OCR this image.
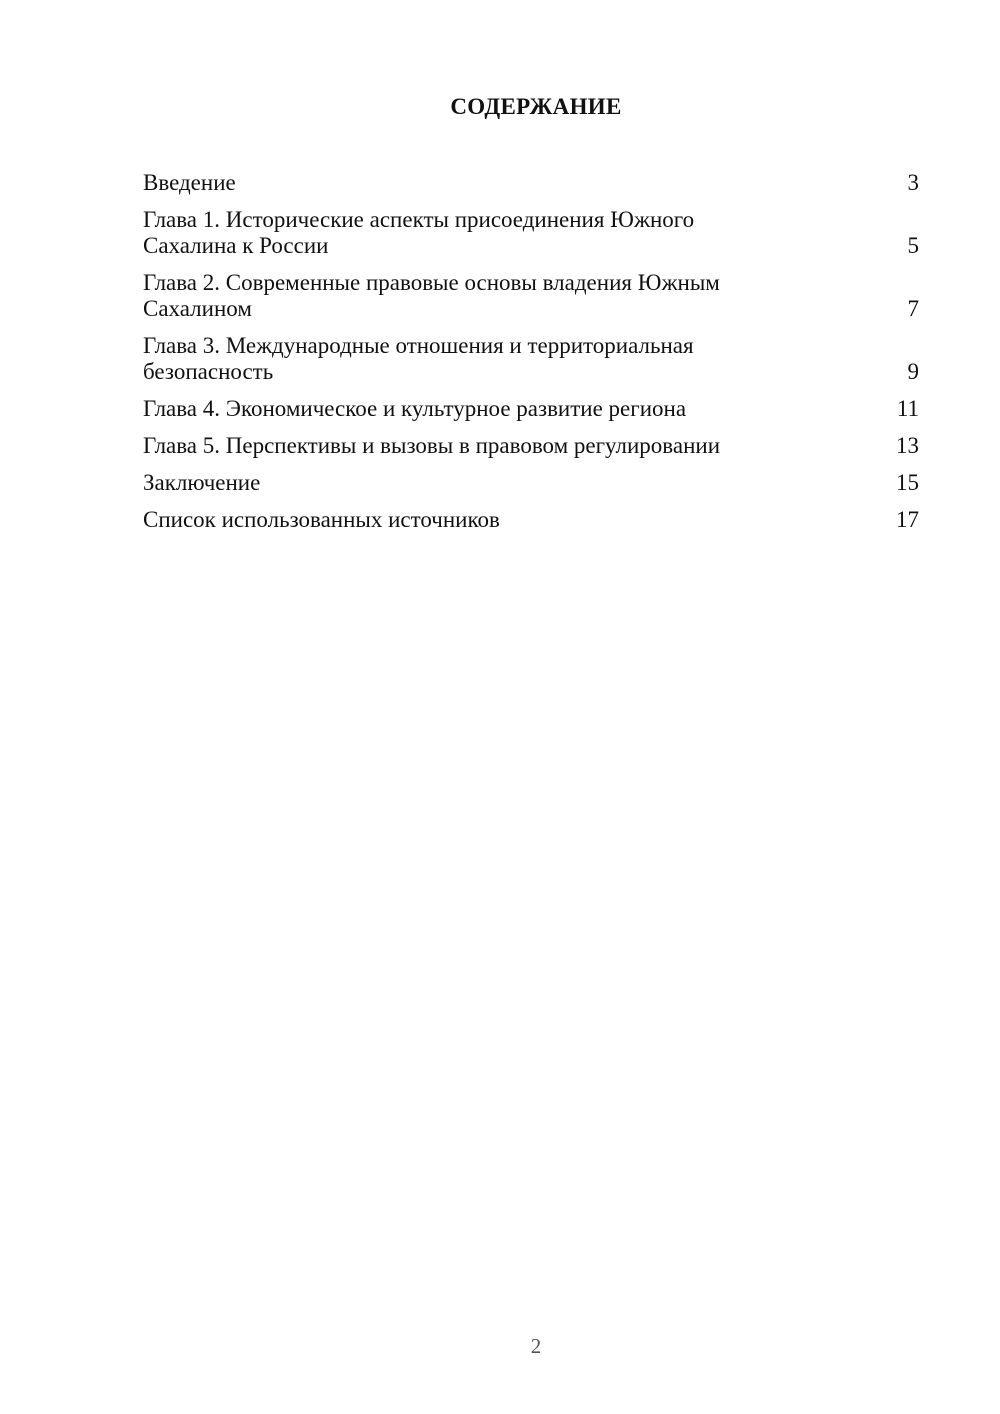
СОДЕРЖАНИЕ
Введение	3
Глава 1. Исторические аспекты присоединения Южного Сахалина к России	5
Глава 2. Современные правовые основы владения Южным Сахалином	7
Глава 3. Международные отношения и территориальная безопасность	9
Глава 4. Экономическое и культурное развитие региона	11
Глава 5. Перспективы и вызовы в правовом регулировании	13
Заключение	15
Список использованных источников	17
2
